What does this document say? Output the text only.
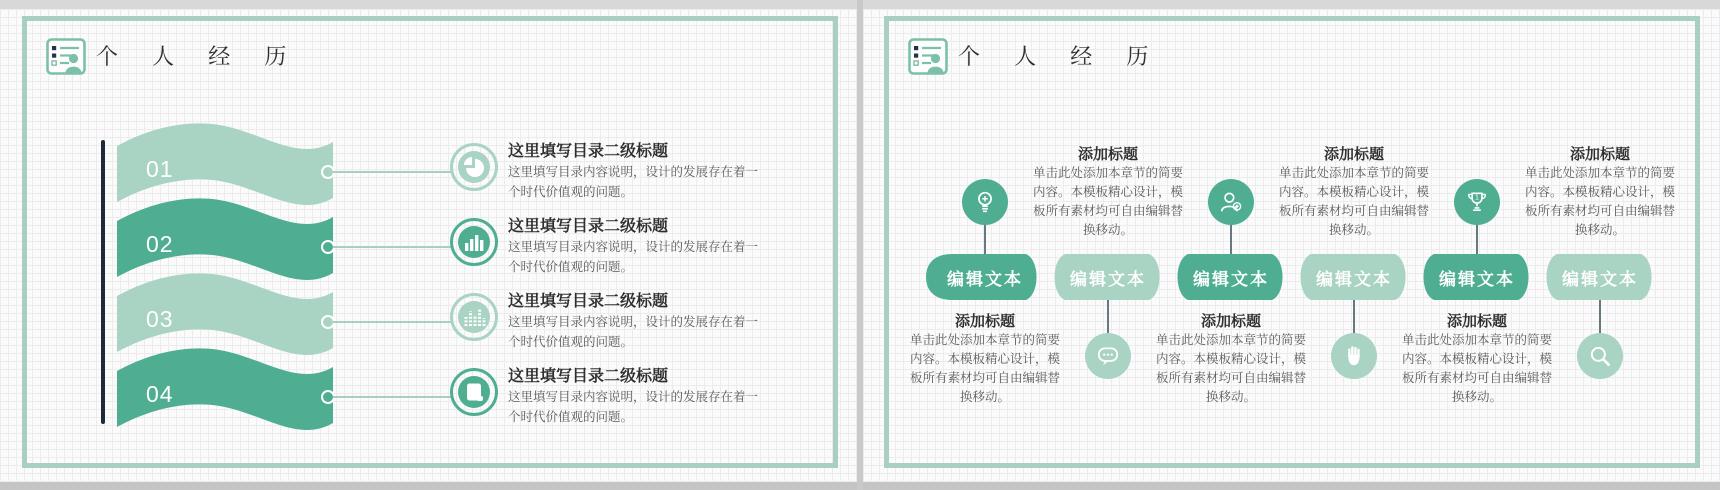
个 人 经 历
01
这里填写目录二级标题
这里填写目录内容说明，设计的发展存在着一个时代价值观的问题。
02
这里填写目录二级标题
这里填写目录内容说明，设计的发展存在着一个时代价值观的问题。
03
这里填写目录二级标题
这里填写目录内容说明，设计的发展存在着一个时代价值观的问题。
04
这里填写目录二级标题
这里填写目录内容说明，设计的发展存在着一个时代价值观的问题。
个 人 经 历
编辑文本	编辑文本	编辑文本	编辑文本	编辑文本	编辑文本
添加标题
单击此处添加本章节的简要内容。本模板精心设计，模板所有素材均可自由编辑替换移动。
添加标题
单击此处添加本章节的简要内容。本模板精心设计，模板所有素材均可自由编辑替换移动。
添加标题
单击此处添加本章节的简要内容。本模板精心设计，模板所有素材均可自由编辑替换移动。
添加标题
单击此处添加本章节的简要内容。本模板精心设计，模板所有素材均可自由编辑替换移动。
1
添加标题
单击此处添加本章节的简要内容。本模板精心设计，模板所有素材均可自由编辑替换移动。
添加标题
单击此处添加本章节的简要内容。本模板精心设计，模板所有素材均可自由编辑替换移动。
